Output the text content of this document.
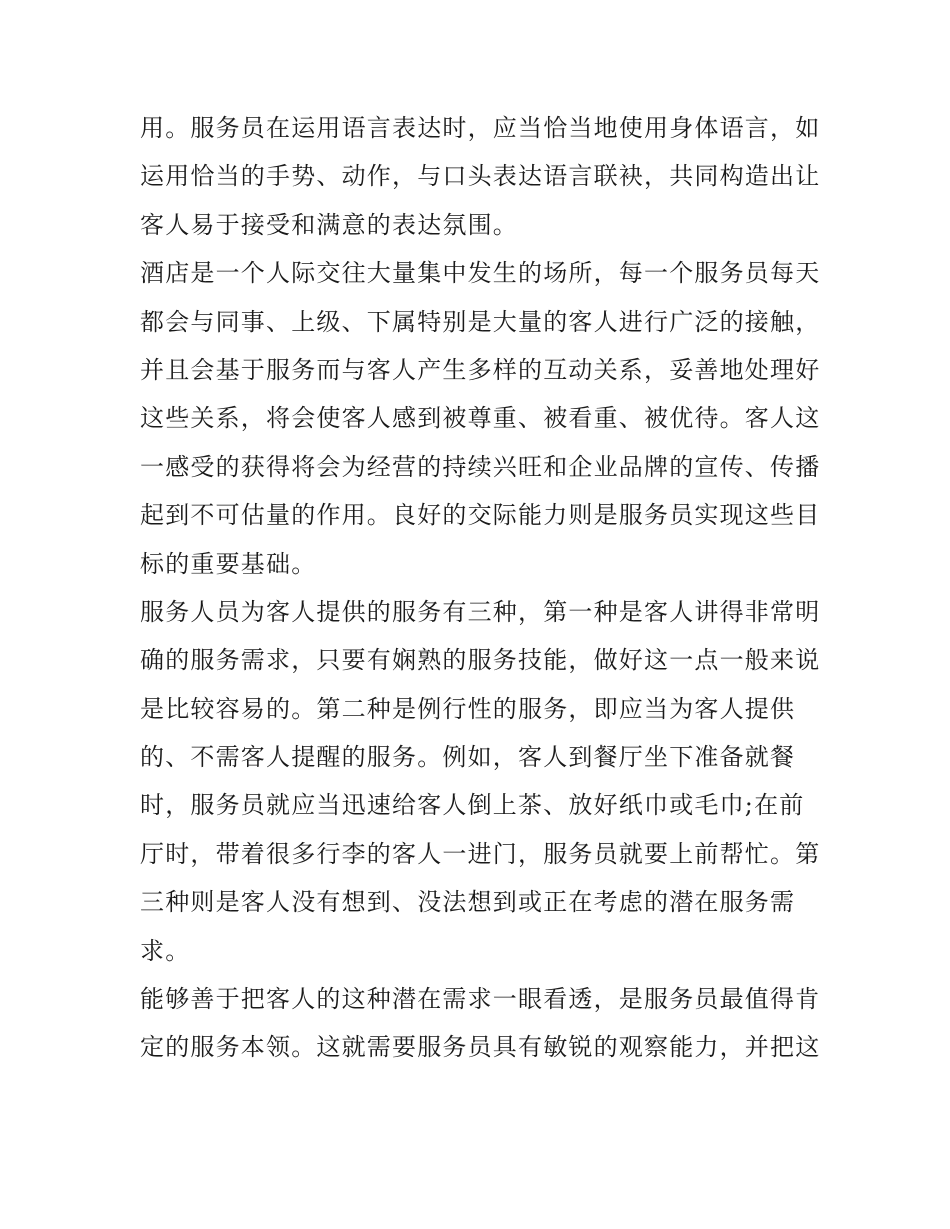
用。服务员在运用语言表达时，应当恰当地使用身体语言，如
运用恰当的手势、动作，与口头表达语言联袂，共同构造出让
客人易于接受和满意的表达氛围。
酒店是一个人际交往大量集中发生的场所，每一个服务员每天
都会与同事、上级、下属特别是大量的客人进行广泛的接触，
并且会基于服务而与客人产生多样的互动关系，妥善地处理好
这些关系，将会使客人感到被尊重、被看重、被优待。客人这
一感受的获得将会为经营的持续兴旺和企业品牌的宣传、传播
起到不可估量的作用。良好的交际能力则是服务员实现这些目
标的重要基础。
服务人员为客人提供的服务有三种，第一种是客人讲得非常明
确的服务需求，只要有娴熟的服务技能，做好这一点一般来说
是比较容易的。第二种是例行性的服务，即应当为客人提供
的、不需客人提醒的服务。例如，客人到餐厅坐下准备就餐
时，服务员就应当迅速给客人倒上茶、放好纸巾或毛巾;在前
厅时，带着很多行李的客人一进门，服务员就要上前帮忙。第
三种则是客人没有想到、没法想到或正在考虑的潜在服务需
求。
能够善于把客人的这种潜在需求一眼看透，是服务员最值得肯
定的服务本领。这就需要服务员具有敏锐的观察能力，并把这
